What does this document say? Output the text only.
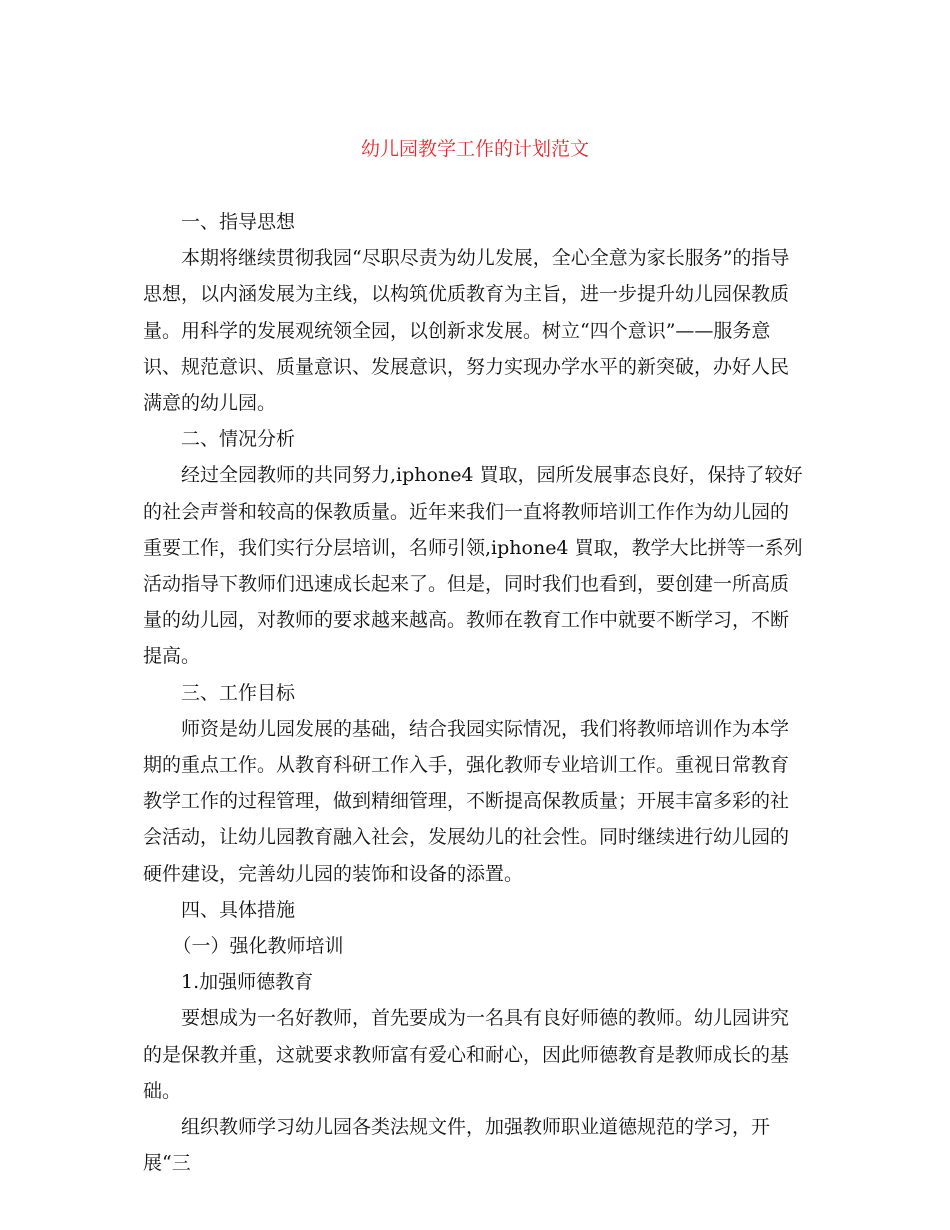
幼儿园教学工作的计划范文

一、指导思想

本期将继续贯彻我园“尽职尽责为幼儿发展，全心全意为家长服务”的指导思想，以内涵发展为主线，以构筑优质教育为主旨，进一步提升幼儿园保教质量。用科学的发展观统领全园，以创新求发展。树立“四个意识”——服务意识、规范意识、质量意识、发展意识，努力实现办学水平的新突破，办好人民满意的幼儿园。

二、情况分析

经过全园教师的共同努力,iphone4 買取，园所发展事态良好，保持了较好的社会声誉和较高的保教质量。近年来我们一直将教师培训工作作为幼儿园的重要工作，我们实行分层培训，名师引领,iphone4 買取，教学大比拼等一系列活动指导下教师们迅速成长起来了。但是，同时我们也看到，要创建一所高质量的幼儿园，对教师的要求越来越高。教师在教育工作中就要不断学习，不断提高。

三、工作目标

师资是幼儿园发展的基础，结合我园实际情况，我们将教师培训作为本学期的重点工作。从教育科研工作入手，强化教师专业培训工作。重视日常教育教学工作的过程管理，做到精细管理，不断提高保教质量；开展丰富多彩的社会活动，让幼儿园教育融入社会，发展幼儿的社会性。同时继续进行幼儿园的硬件建设，完善幼儿园的装饰和设备的添置。

四、具体措施

（一）强化教师培训

1.加强师德教育

要想成为一名好教师，首先要成为一名具有良好师德的教师。幼儿园讲究的是保教并重，这就要求教师富有爱心和耐心，因此师德教育是教师成长的基础。

组织教师学习幼儿园各类法规文件，加强教师职业道德规范的学习，开展“三
